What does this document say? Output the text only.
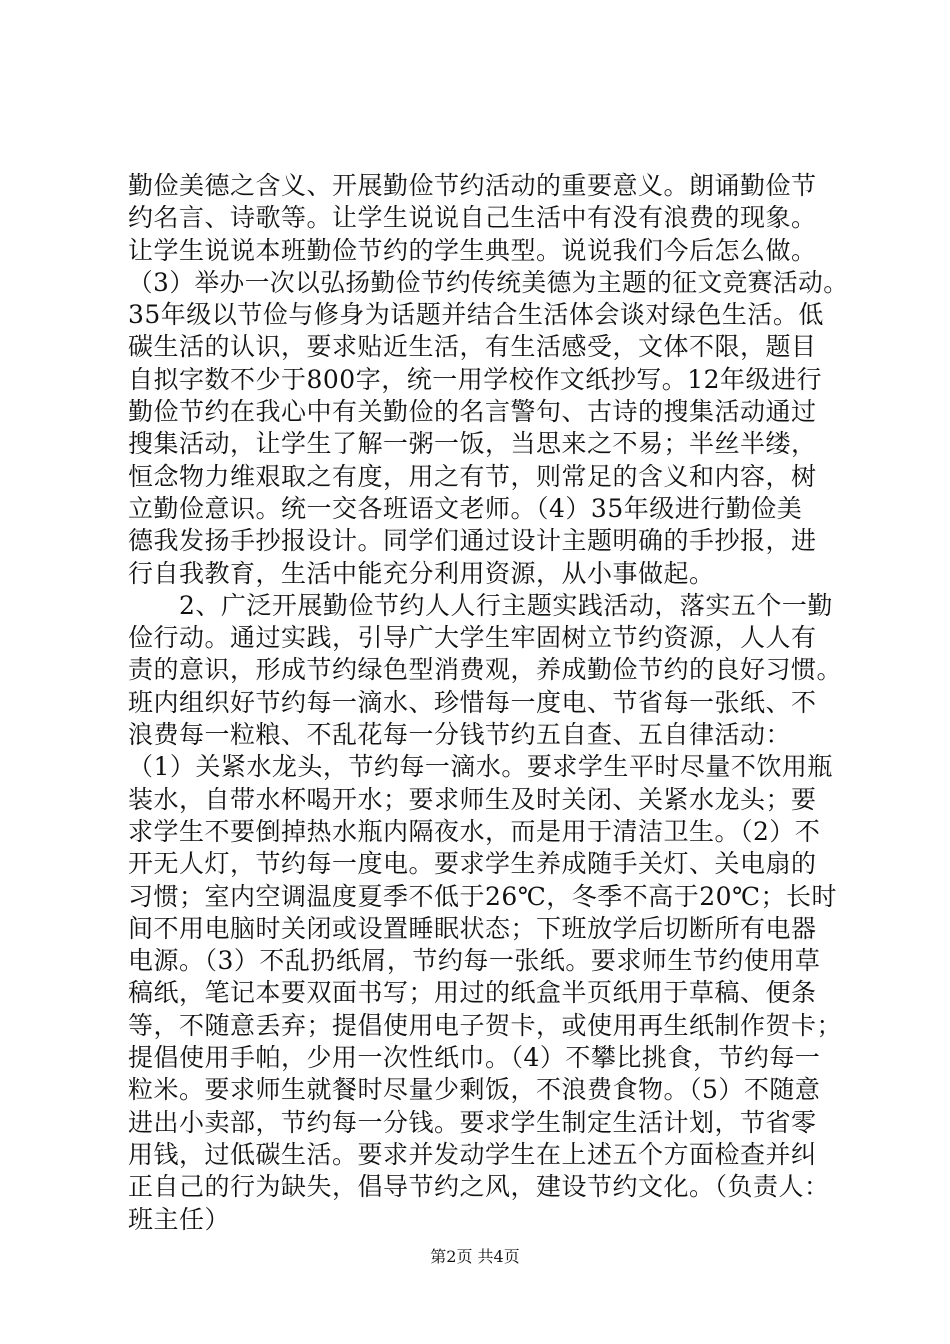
勤俭美德之含义、开展勤俭节约活动的重要意义。朗诵勤俭节
约名言、诗歌等。让学生说说自己生活中有没有浪费的现象。
让学生说说本班勤俭节约的学生典型。说说我们今后怎么做。
（3）举办一次以弘扬勤俭节约传统美德为主题的征文竞赛活动。
35年级以节俭与修身为话题并结合生活体会谈对绿色生活。低
碳生活的认识，要求贴近生活，有生活感受，文体不限，题目
自拟字数不少于800字，统一用学校作文纸抄写。12年级进行
勤俭节约在我心中有关勤俭的名言警句、古诗的搜集活动通过
搜集活动，让学生了解一粥一饭，当思来之不易；半丝半缕，
恒念物力维艰取之有度，用之有节，则常足的含义和内容，树
立勤俭意识。统一交各班语文老师。（4）35年级进行勤俭美
德我发扬手抄报设计。同学们通过设计主题明确的手抄报，进
行自我教育，生活中能充分利用资源，从小事做起。
　　2、广泛开展勤俭节约人人行主题实践活动，落实五个一勤
俭行动。通过实践，引导广大学生牢固树立节约资源，人人有
责的意识，形成节约绿色型消费观，养成勤俭节约的良好习惯。
班内组织好节约每一滴水、珍惜每一度电、节省每一张纸、不
浪费每一粒粮、不乱花每一分钱节约五自查、五自律活动：
（1）关紧水龙头，节约每一滴水。要求学生平时尽量不饮用瓶
装水，自带水杯喝开水；要求师生及时关闭、关紧水龙头；要
求学生不要倒掉热水瓶内隔夜水，而是用于清洁卫生。（2）不
开无人灯，节约每一度电。要求学生养成随手关灯、关电扇的
习惯；室内空调温度夏季不低于26℃，冬季不高于20℃；长时
间不用电脑时关闭或设置睡眠状态；下班放学后切断所有电器
电源。（3）不乱扔纸屑，节约每一张纸。要求师生节约使用草
稿纸，笔记本要双面书写；用过的纸盒半页纸用于草稿、便条
等，不随意丢弃；提倡使用电子贺卡，或使用再生纸制作贺卡；
提倡使用手帕，少用一次性纸巾。（4）不攀比挑食，节约每一
粒米。要求师生就餐时尽量少剩饭，不浪费食物。（5）不随意
进出小卖部，节约每一分钱。要求学生制定生活计划，节省零
用钱，过低碳生活。要求并发动学生在上述五个方面检查并纠
正自己的行为缺失，倡导节约之风，建设节约文化。（负责人：
班主任）
第2页 共4页
